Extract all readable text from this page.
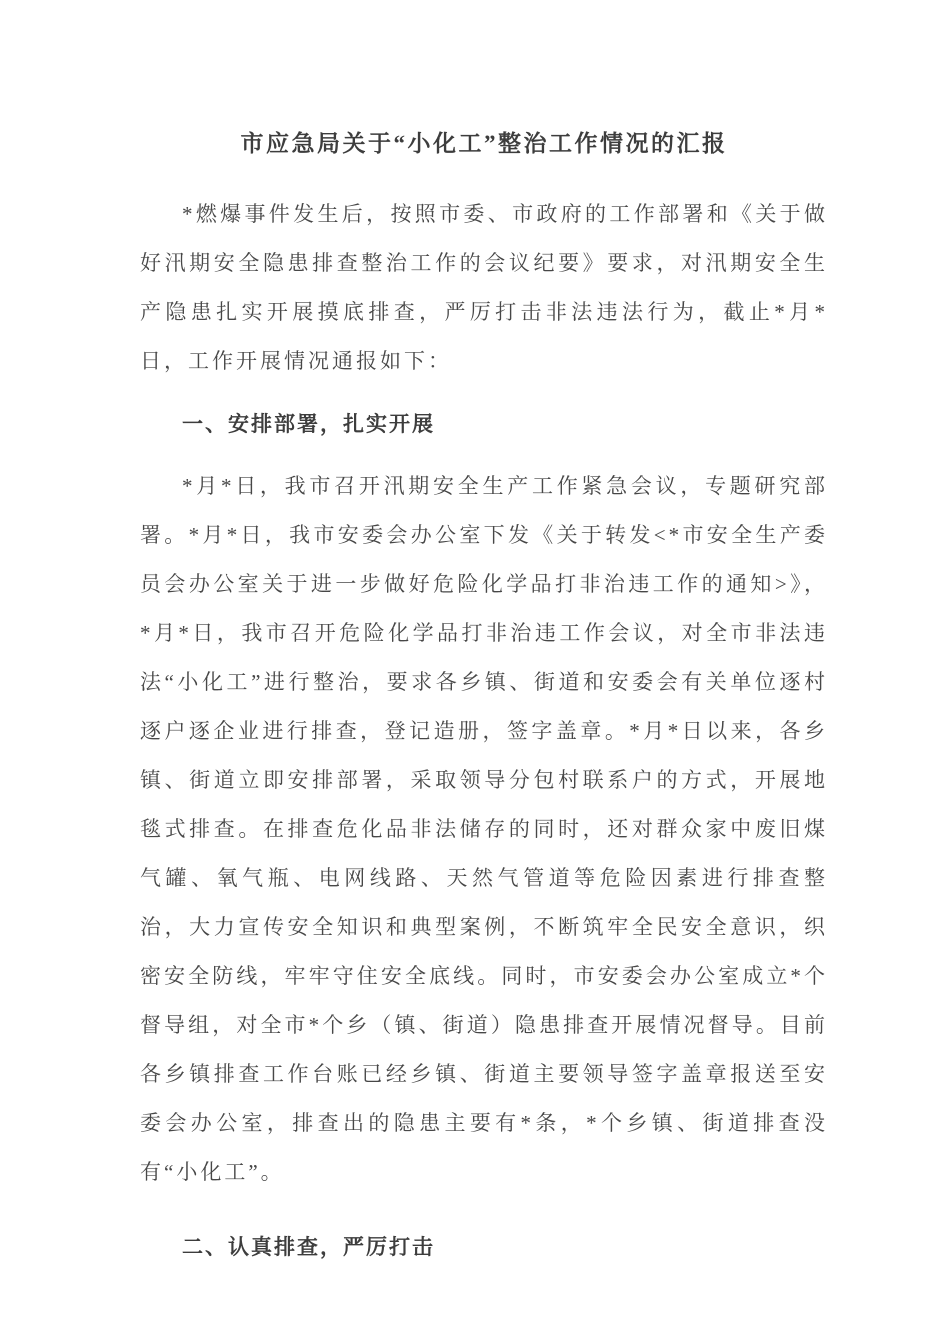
市应急局关于“小化工”整治工作情况的汇报

*燃爆事件发生后，按照市委、市政府的工作部署和《关于做好汛期安全隐患排查整治工作的会议纪要》要求，对汛期安全生产隐患扎实开展摸底排查，严厉打击非法违法行为，截止*月*日，工作开展情况通报如下：

一、安排部署，扎实开展

*月*日，我市召开汛期安全生产工作紧急会议，专题研究部署。*月*日，我市安委会办公室下发《关于转发<*市安全生产委员会办公室关于进一步做好危险化学品打非治违工作的通知>》，*月*日，我市召开危险化学品打非治违工作会议，对全市非法违法“小化工”进行整治，要求各乡镇、街道和安委会有关单位逐村逐户逐企业进行排查，登记造册，签字盖章。*月*日以来，各乡镇、街道立即安排部署，采取领导分包村联系户的方式，开展地毯式排查。在排查危化品非法储存的同时，还对群众家中废旧煤气罐、氧气瓶、电网线路、天然气管道等危险因素进行排查整治，大力宣传安全知识和典型案例，不断筑牢全民安全意识，织密安全防线，牢牢守住安全底线。同时，市安委会办公室成立*个督导组，对全市*个乡（镇、街道）隐患排查开展情况督导。目前各乡镇排查工作台账已经乡镇、街道主要领导签字盖章报送至安委会办公室，排查出的隐患主要有*条，*个乡镇、街道排查没有“小化工”。

二、认真排查，严厉打击
